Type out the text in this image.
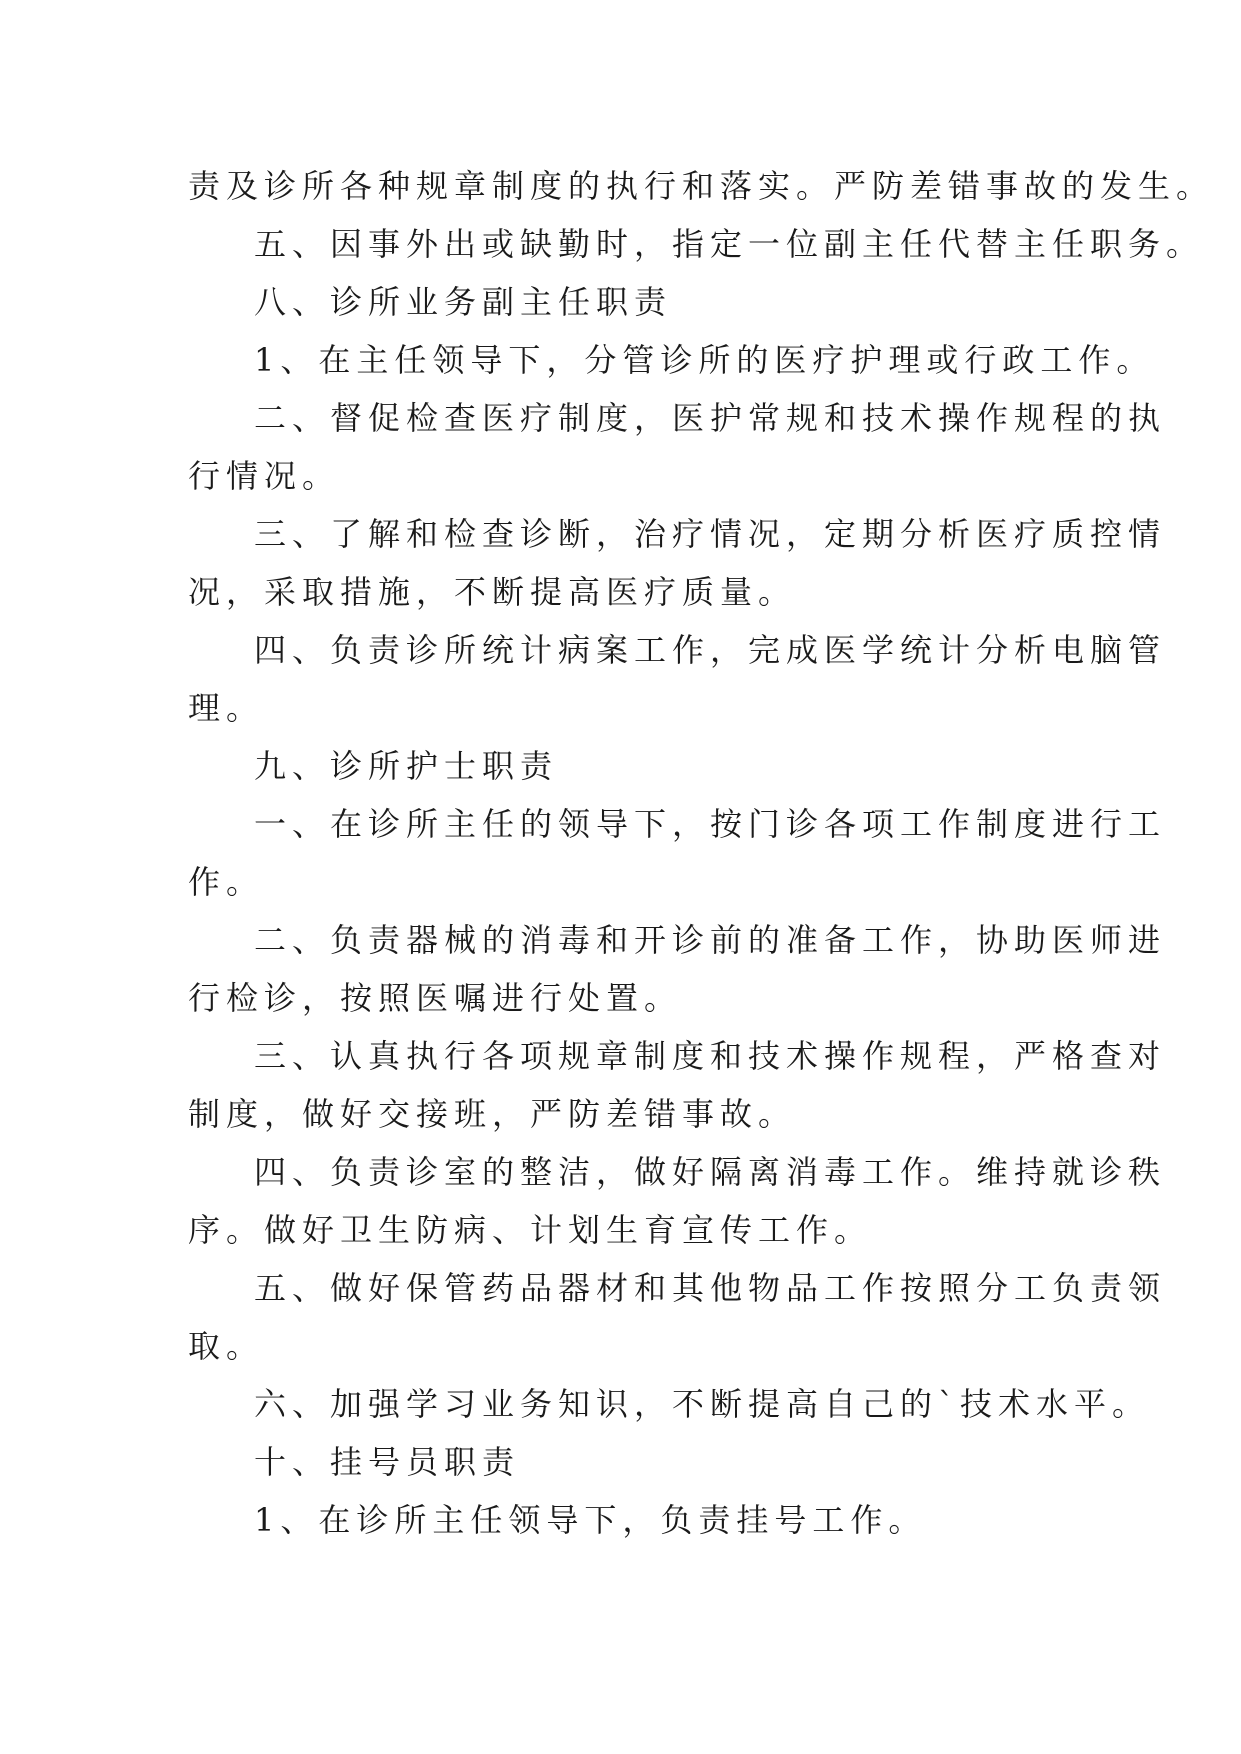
责及诊所各种规章制度的执行和落实。严防差错事故的发生。
五、因事外出或缺勤时，指定一位副主任代替主任职务。
八、诊所业务副主任职责
1、在主任领导下，分管诊所的医疗护理或行政工作。
二、督促检查医疗制度，医护常规和技术操作规程的执
行情况。
三、了解和检查诊断，治疗情况，定期分析医疗质控情
况，采取措施，不断提高医疗质量。
四、负责诊所统计病案工作，完成医学统计分析电脑管
理。
九、诊所护士职责
一、在诊所主任的领导下，按门诊各项工作制度进行工
作。
二、负责器械的消毒和开诊前的准备工作，协助医师进
行检诊，按照医嘱进行处置。
三、认真执行各项规章制度和技术操作规程，严格查对
制度，做好交接班，严防差错事故。
四、负责诊室的整洁，做好隔离消毒工作。维持就诊秩
序。做好卫生防病、计划生育宣传工作。
五、做好保管药品器材和其他物品工作按照分工负责领
取。
六、加强学习业务知识，不断提高自己的`技术水平。
十、挂号员职责
1、在诊所主任领导下，负责挂号工作。
